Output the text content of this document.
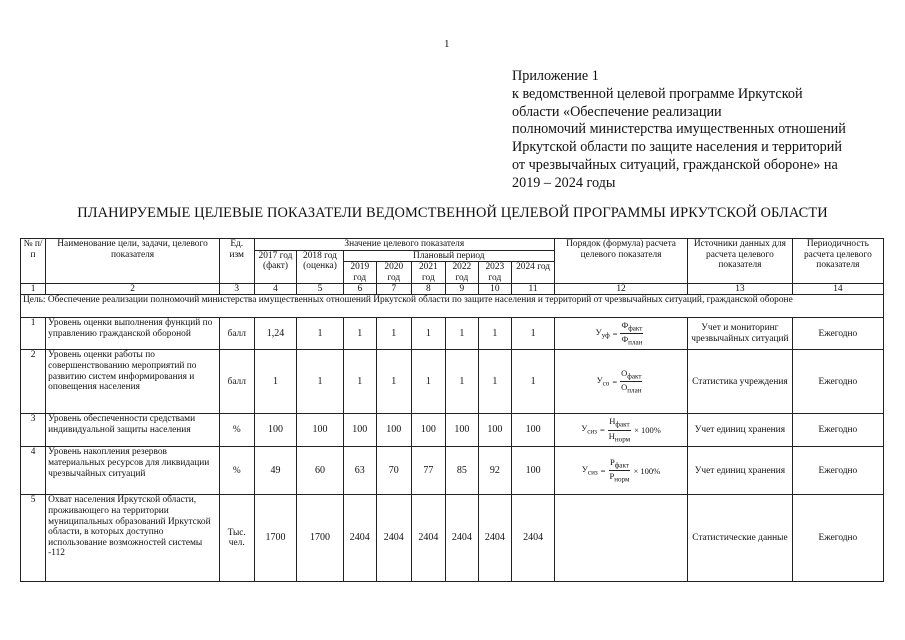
1
Приложение 1
к ведомственной целевой программе Иркутской
области «Обеспечение реализации
полномочий министерства имущественных отношений
Иркутской области по защите населения и территорий
от чрезвычайных ситуаций, гражданской обороне» на
2019 – 2024 годы
ПЛАНИРУЕМЫЕ ЦЕЛЕВЫЕ ПОКАЗАТЕЛИ ВЕДОМСТВЕННОЙ ЦЕЛЕВОЙ ПРОГРАММЫ ИРКУТСКОЙ ОБЛАСТИ
№ п/п	Наименование цели, задачи, целевого показателя	Ед. изм	Значение целевого показателя								Порядок (формула) расчета целевого показателя	Источники данных для расчета целевого показателя	Периодичность расчета целевого показателя
			2017 год (факт)	2018 год (оценка)	Плановый период								
					2019 год	2020 год	2021 год	2022 год	2023 год	2024 год			
1	2	3	4	5	6	7	8	9	10	11	12	13	14
Цель: Обеспечение реализации полномочий министерства имущественных отношений Иркутской области по защите населения и территорий от чрезвычайных ситуаций, гражданской обороне													
1	Уровень оценки выполнения функций по управлению гражданской обороной	балл	1,24	1	1	1	1	1	1	1	$У_{уф} = \frac{Ф_{факт}}{Ф_{план}}$	Учет и мониторинг чрезвычайных ситуаций	Ежегодно
2	Уровень оценки работы по совершенствованию мероприятий по развитию систем информирования и оповещения населения	балл	1	1	1	1	1	1	1	1	$У_{со} = \frac{О_{факт}}{О_{план}}$	Статистика учреждения	Ежегодно
3	Уровень обеспеченности средствами индивидуальной защиты населения	%	100	100	100	100	100	100	100	100	$У_{сиз} = \frac{Н_{факт}}{Н_{норм}} \times 100\%$	Учет единиц хранения	Ежегодно
4	Уровень накопления резервов материальных ресурсов для ликвидации чрезвычайных ситуаций	%	49	60	63	70	77	85	92	100	$У_{сиз} = \frac{Р_{факт}}{Р_{норм}} \times 100\%$	Учет единиц хранения	Ежегодно
5	Охват населения Иркутской области, проживающего на территории муниципальных образований Иркутской области, в которых доступно использование возможностей системы -112	Тыс. чел.	1700	1700	2404	2404	2404	2404	2404	2404		Статистические данные	Ежегодно
